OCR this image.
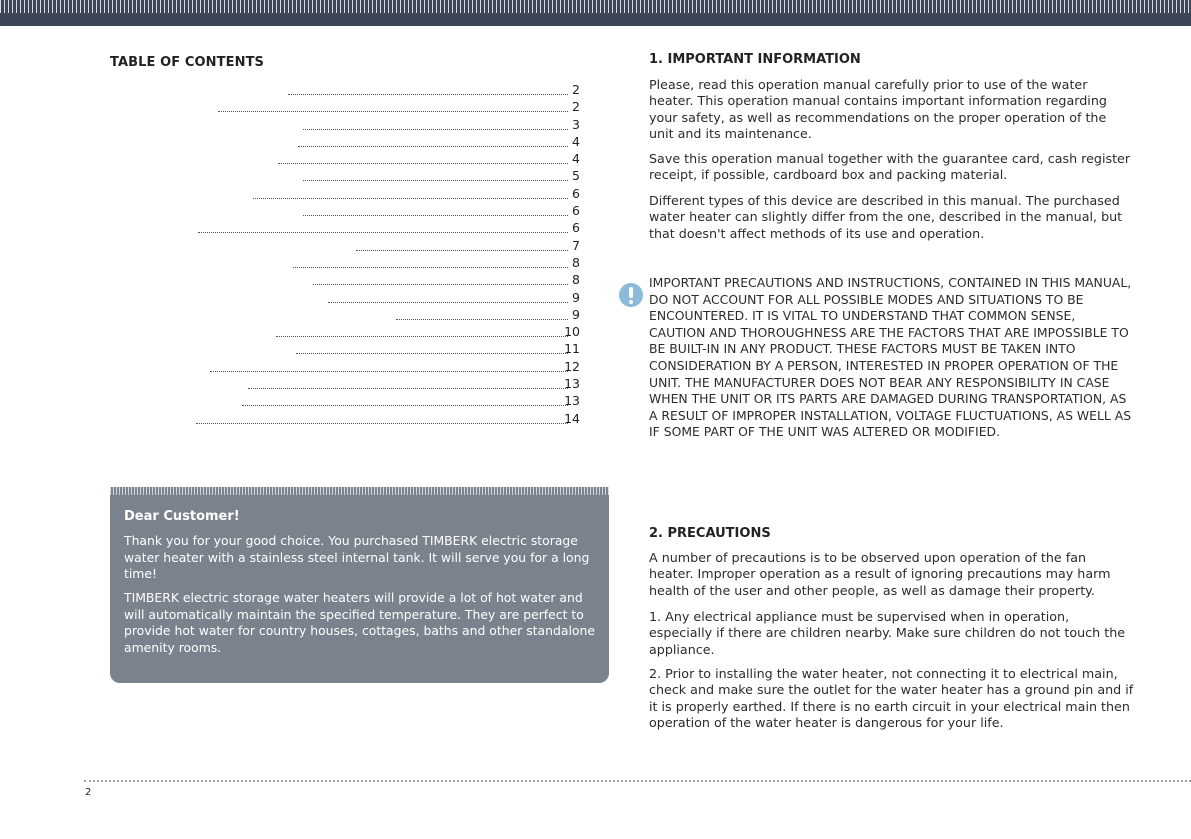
TABLE OF CONTENTS
2
2
3
4
4
5
6
6
6
7
8
8
9
9
10
11
12
13
13
14
Dear Customer!

Thank you for your good choice. You purchased TIMBERK electric storage water heater with a stainless steel internal tank. It will serve you for a long time!

TIMBERK electric storage water heaters will provide a lot of hot water and will automatically maintain the specified temperature. They are perfect to provide hot water for country houses, cottages, baths and other standalone amenity rooms.

1. IMPORTANT INFORMATION

Please, read this operation manual carefully prior to use of the water heater. This operation manual contains important information regarding your safety, as well as recommendations on the proper operation of the unit and its maintenance.

Save this operation manual together with the guarantee card, cash register receipt, if possible, cardboard box and packing material.

Different types of this device are described in this manual. The purchased water heater can slightly differ from the one, described in the manual, but that doesn't affect methods of its use and operation.

IMPORTANT PRECAUTIONS AND INSTRUCTIONS, CONTAINED IN THIS MANUAL, DO NOT ACCOUNT FOR ALL POSSIBLE MODES AND SITUATIONS TO BE ENCOUNTERED. IT IS VITAL TO UNDERSTAND THAT COMMON SENSE, CAUTION AND THOROUGHNESS ARE THE FACTORS THAT ARE IMPOSSIBLE TO BE BUILT-IN IN ANY PRODUCT. THESE FACTORS MUST BE TAKEN INTO CONSIDERATION BY A PERSON, INTERESTED IN PROPER OPERATION OF THE UNIT. THE MANUFACTURER DOES NOT BEAR ANY RESPONSIBILITY IN CASE WHEN THE UNIT OR ITS PARTS ARE DAMAGED DURING TRANSPORTATION, AS A RESULT OF IMPROPER INSTALLATION, VOLTAGE FLUCTUATIONS, AS WELL AS IF SOME PART OF THE UNIT WAS ALTERED OR MODIFIED.

2. PRECAUTIONS

A number of precautions is to be observed upon operation of the fan heater. Improper operation as a result of ignoring precautions may harm health of the user and other people, as well as damage their property.

1. Any electrical appliance must be supervised when in operation, especially if there are children nearby. Make sure children do not touch the appliance.

2. Prior to installing the water heater, not connecting it to electrical main, check and make sure the outlet for the water heater has a ground pin and if it is properly earthed. If there is no earth circuit in your electrical main then operation of the water heater is dangerous for your life.

2
